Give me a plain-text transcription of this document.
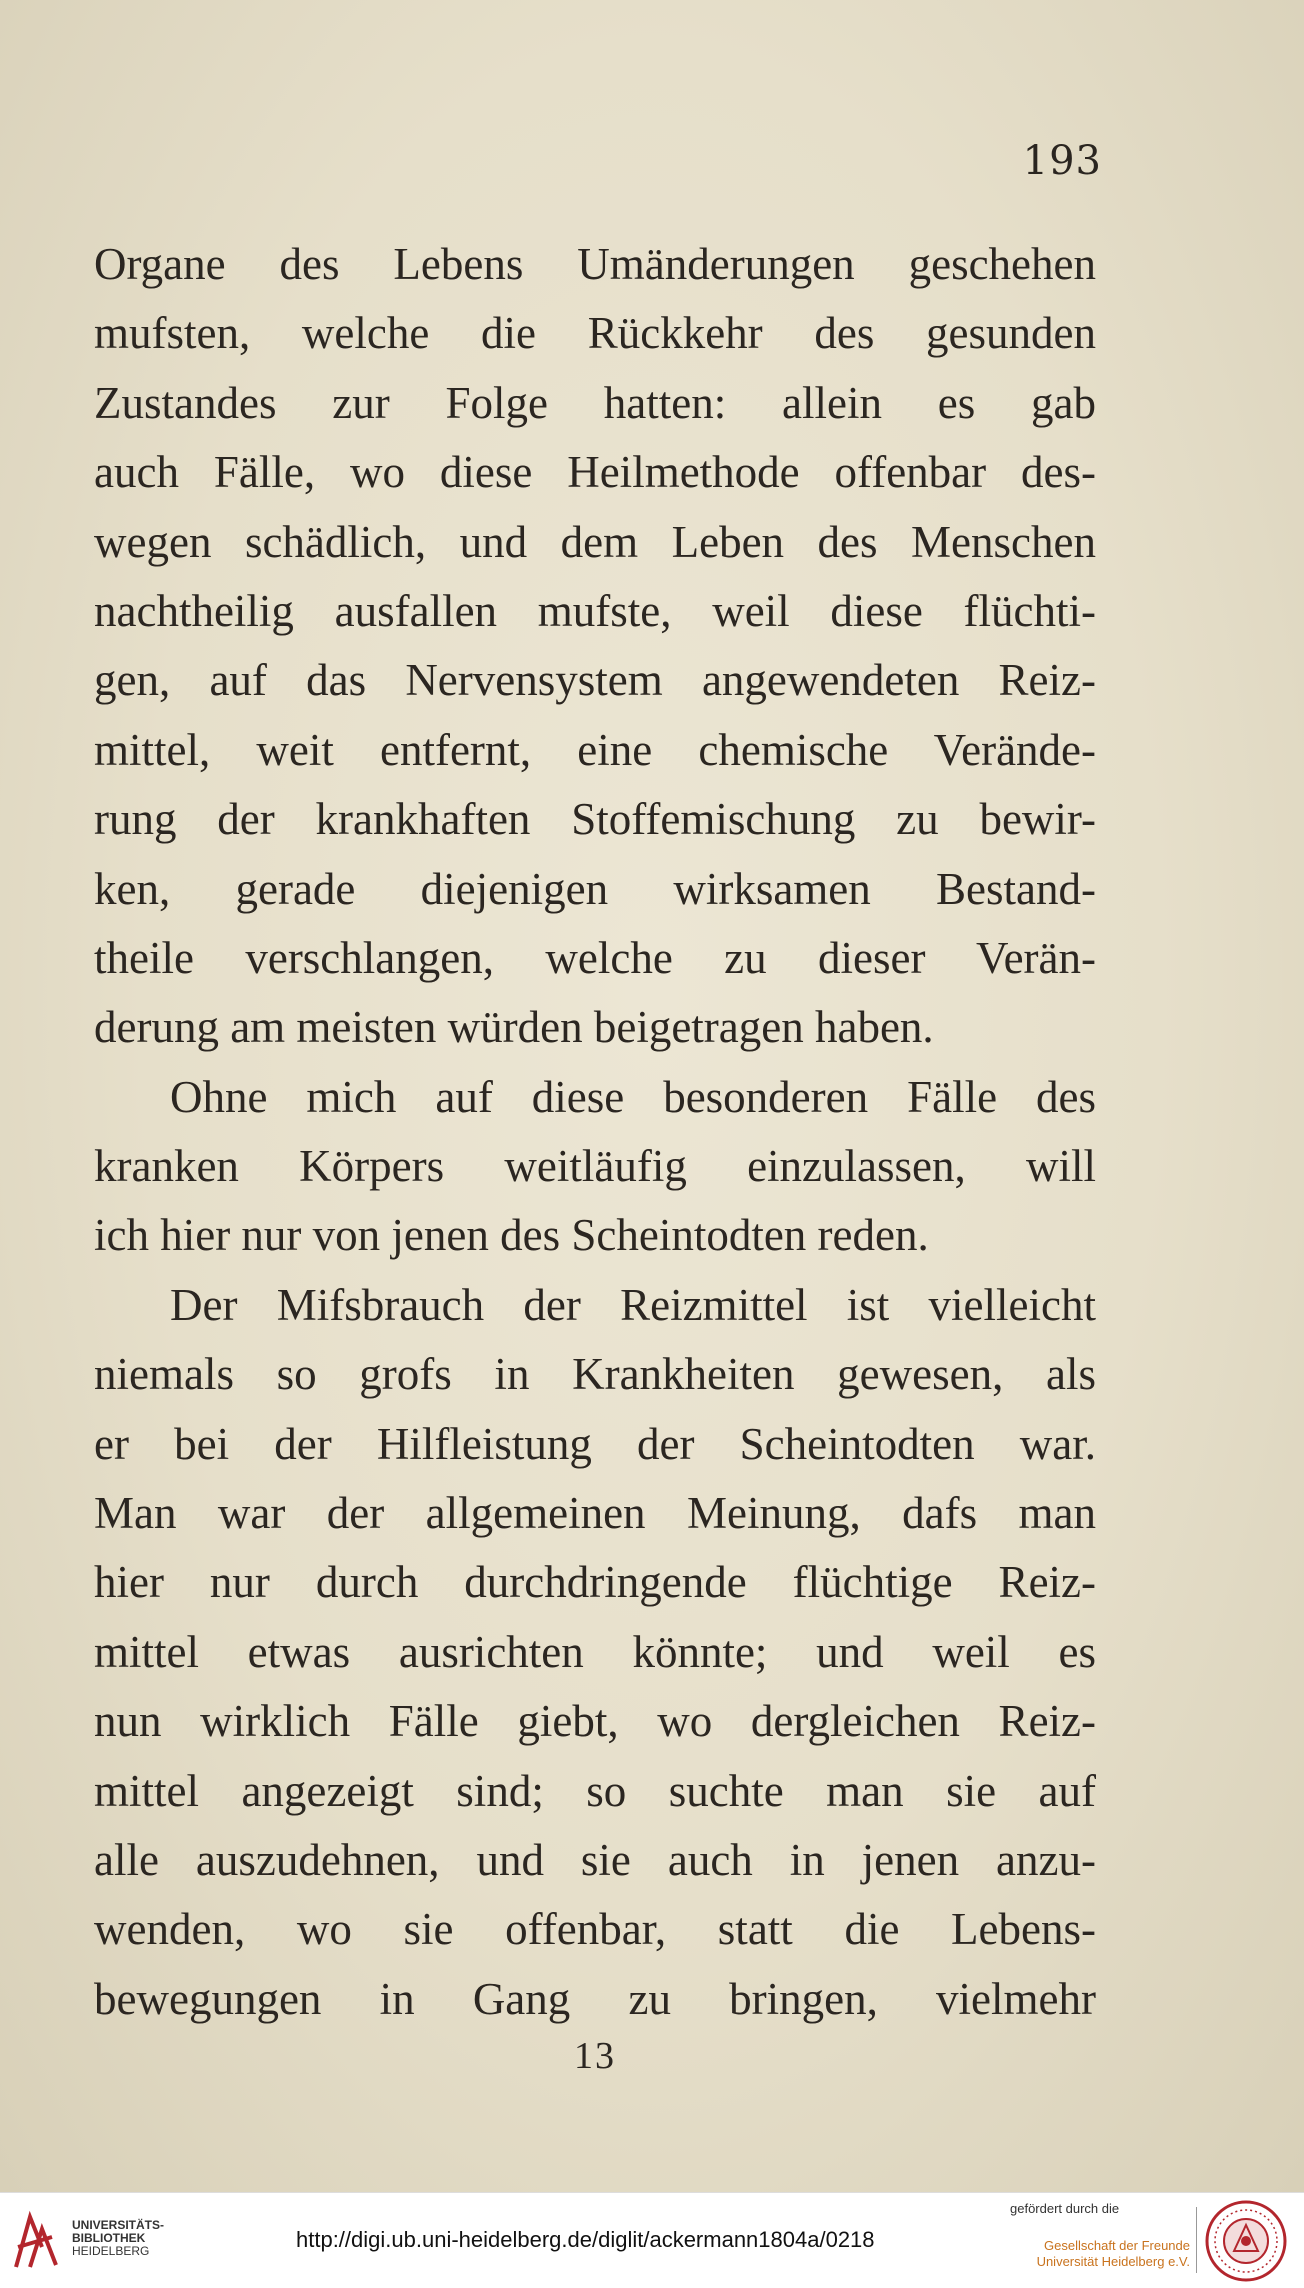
193
Organe des Lebens Umänderungen geschehen
mufsten, welche die Rückkehr des gesunden
Zustandes zur Folge hatten: allein es gab
auch Fälle, wo diese Heilmethode offenbar des-
wegen schädlich, und dem Leben des Menschen
nachtheilig ausfallen mufste, weil diese flüchti-
gen, auf das Nervensystem angewendeten Reiz-
mittel, weit entfernt, eine chemische Verände-
rung der krankhaften Stoffemischung zu bewir-
ken, gerade diejenigen wirksamen Bestand-
theile verschlangen, welche zu dieser Verän-
derung am meisten würden beigetragen haben.
Ohne mich auf diese besonderen Fälle des
kranken Körpers weitläufig einzulassen, will
ich hier nur von jenen des Scheintodten reden.
Der Mifsbrauch der Reizmittel ist vielleicht
niemals so grofs in Krankheiten gewesen, als
er bei der Hilfleistung der Scheintodten war.
Man war der allgemeinen Meinung, dafs man
hier nur durch durchdringende flüchtige Reiz-
mittel etwas ausrichten könnte; und weil es
nun wirklich Fälle giebt, wo dergleichen Reiz-
mittel angezeigt sind; so suchte man sie auf
alle auszudehnen, und sie auch in jenen anzu-
wenden, wo sie offenbar, statt die Lebens-
bewegungen in Gang zu bringen, vielmehr
13
UNIVERSITÄTS-
BIBLIOTHEK
HEIDELBERG	http://digi.ub.uni-heidelberg.de/diglit/ackermann1804a/0218
gefördert durch die
Gesellschaft der Freunde
Universität Heidelberg e.V.
